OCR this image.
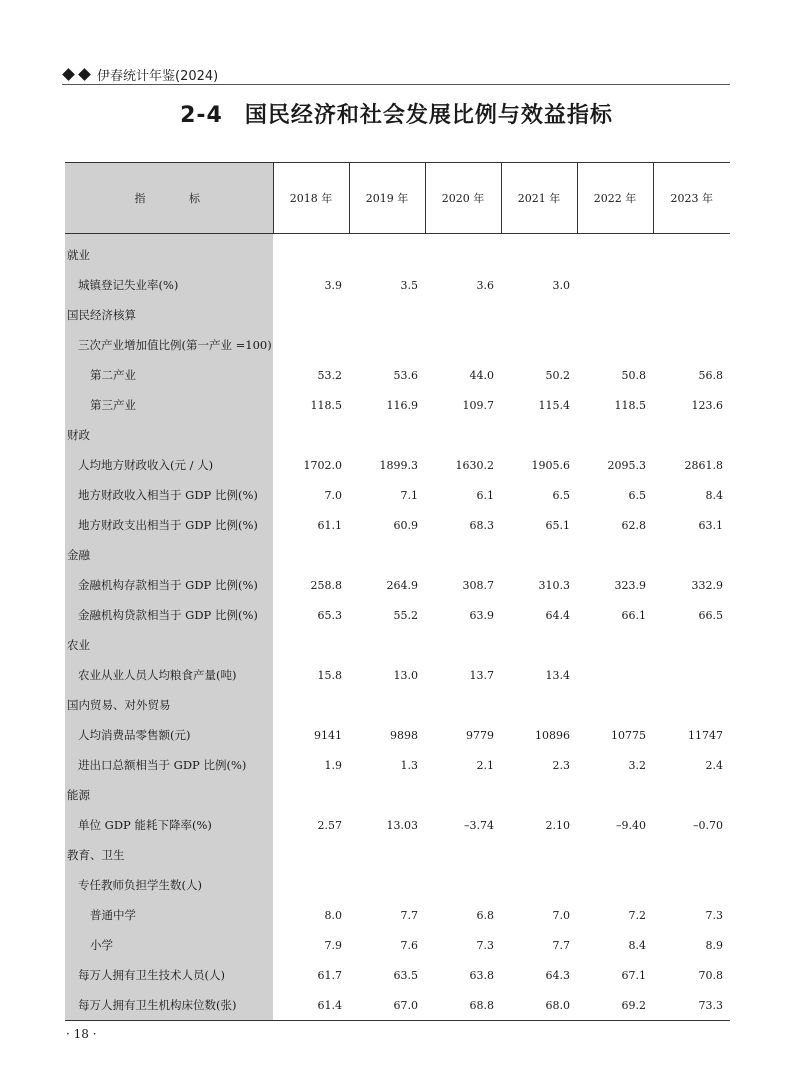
伊春统计年鉴(2024)
2-4 国民经济和社会发展比例与效益指标
指 标	2018 年	2019 年	2020 年	2021 年	2022 年	2023 年

就业						
城镇登记失业率(%)	3.9	3.5	3.6	3.0		
国民经济核算						
三次产业增加值比例(第一产业 =100)						
第二产业	53.2	53.6	44.0	50.2	50.8	56.8
第三产业	118.5	116.9	109.7	115.4	118.5	123.6
财政						
人均地方财政收入(元 / 人)	1702.0	1899.3	1630.2	1905.6	2095.3	2861.8
地方财政收入相当于 GDP 比例(%)	7.0	7.1	6.1	6.5	6.5	8.4
地方财政支出相当于 GDP 比例(%)	61.1	60.9	68.3	65.1	62.8	63.1
金融						
金融机构存款相当于 GDP 比例(%)	258.8	264.9	308.7	310.3	323.9	332.9
金融机构贷款相当于 GDP 比例(%)	65.3	55.2	63.9	64.4	66.1	66.5
农业						
农业从业人员人均粮食产量(吨)	15.8	13.0	13.7	13.4		
国内贸易、对外贸易						
人均消费品零售额(元)	9141	9898	9779	10896	10775	11747
进出口总额相当于 GDP 比例(%)	1.9	1.3	2.1	2.3	3.2	2.4
能源						
单位 GDP 能耗下降率(%)	2.57	13.03	–3.74	2.10	–9.40	–0.70
教育、卫生						
专任教师负担学生数(人)						
普通中学	8.0	7.7	6.8	7.0	7.2	7.3
小学	7.9	7.6	7.3	7.7	8.4	8.9
每万人拥有卫生技术人员(人)	61.7	63.5	63.8	64.3	67.1	70.8
每万人拥有卫生机构床位数(张)	61.4	67.0	68.8	68.0	69.2	73.3
· 18 ·
